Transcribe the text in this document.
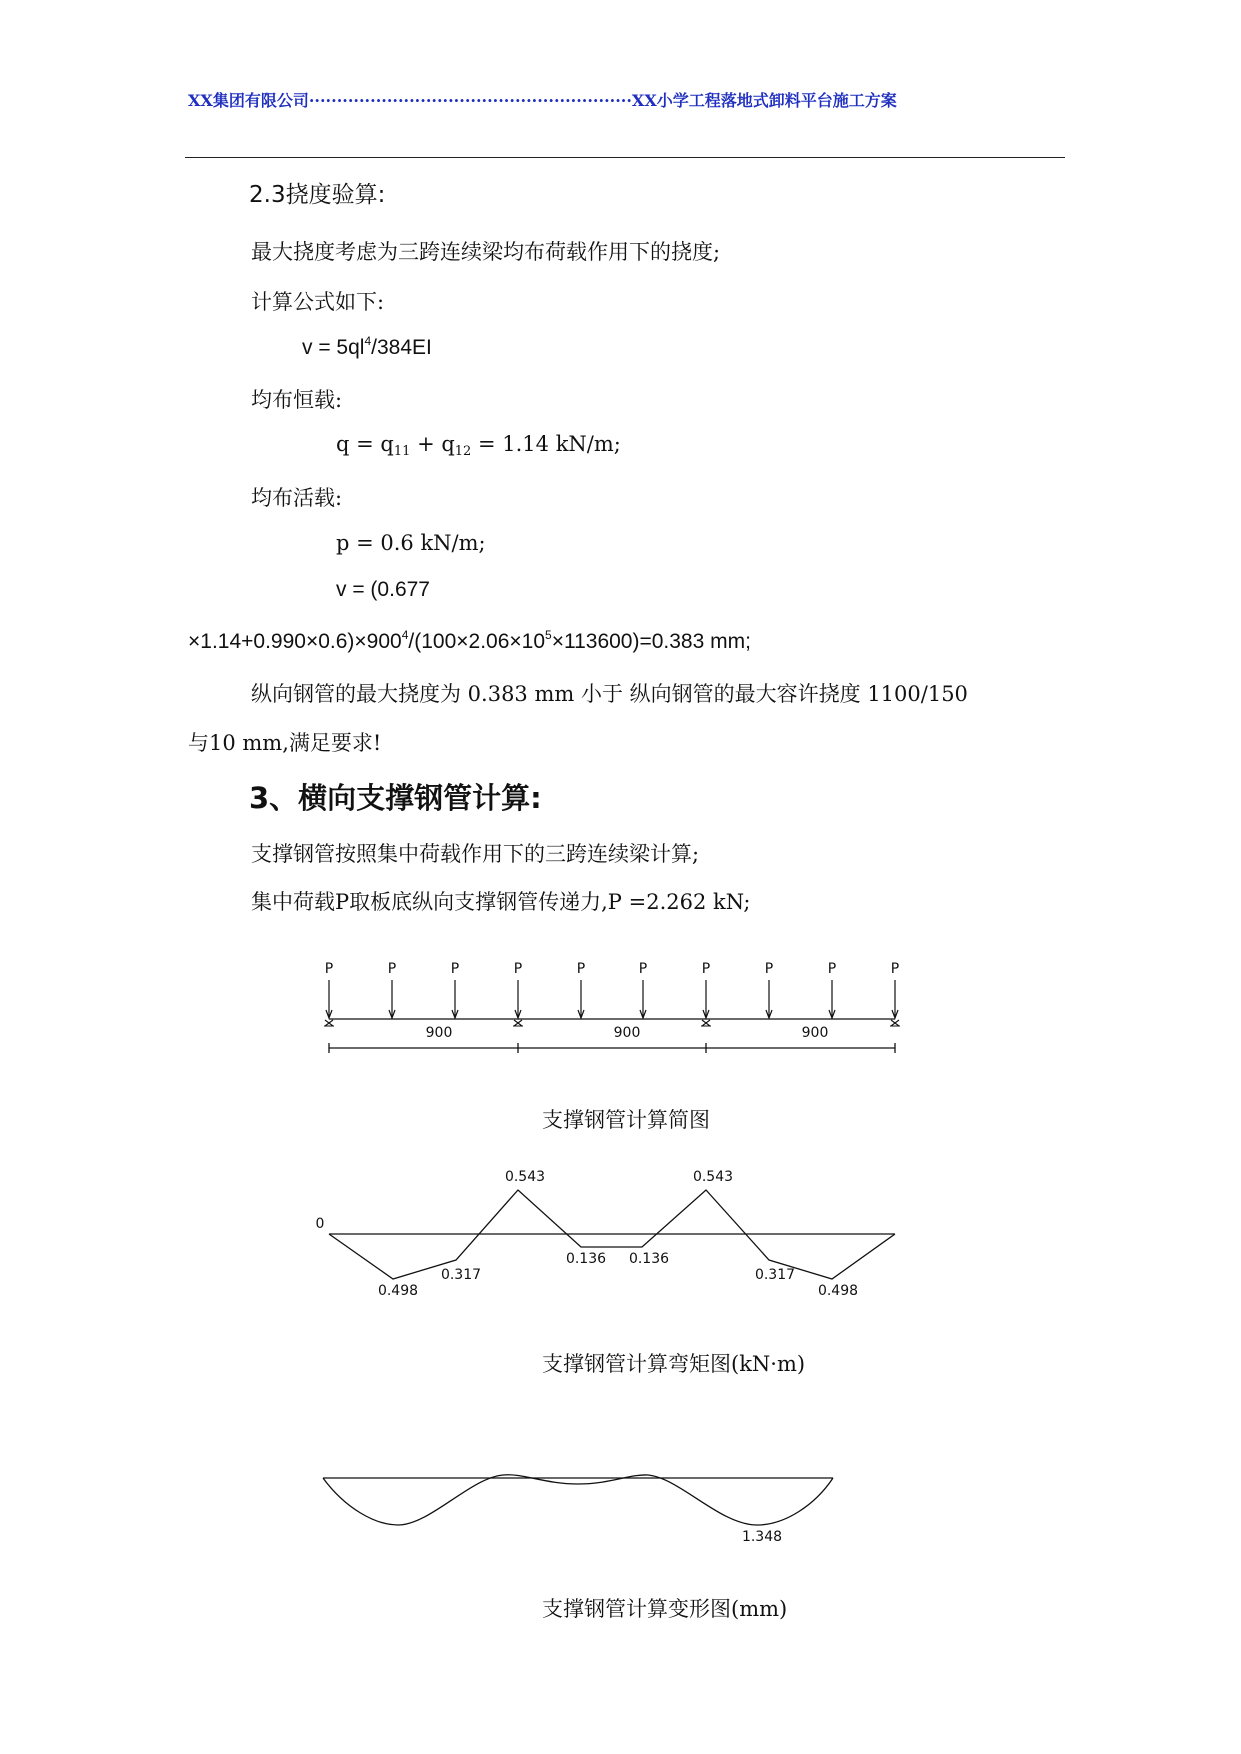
XX集团有限公司··························································XX小学工程落地式卸料平台施工方案
2.3挠度验算:
最大挠度考虑为三跨连续梁均布荷载作用下的挠度;
计算公式如下:
$v = 5ql^4/384EI$
均布恒载:
$q = q_{11} + q_{12} = 1.14$ kN/m;
均布活载:
p = 0.6 kN/m;
v = (0.677
$\times 1.14+0.990\times 0.6)\times 900^4/(100\times 2.06\times 10^5\times 113600)=0.383$ mm;
纵向钢管的最大挠度为 0.383 mm 小于 纵向钢管的最大容许挠度 1100/150
与10 mm,满足要求!
3、横向支撑钢管计算:
支撑钢管按照集中荷载作用下的三跨连续梁计算;
集中荷载P取板底纵向支撑钢管传递力,P =2.262 kN;
P	P	P	P	P	P	P	P	P	P
900	900	900
0
0.543	0.543
0.498
0.317
0.136 0.136
0.317
0.498
1.348
支撑钢管计算简图
支撑钢管计算弯矩图(kN·m)
支撑钢管计算变形图(mm)
